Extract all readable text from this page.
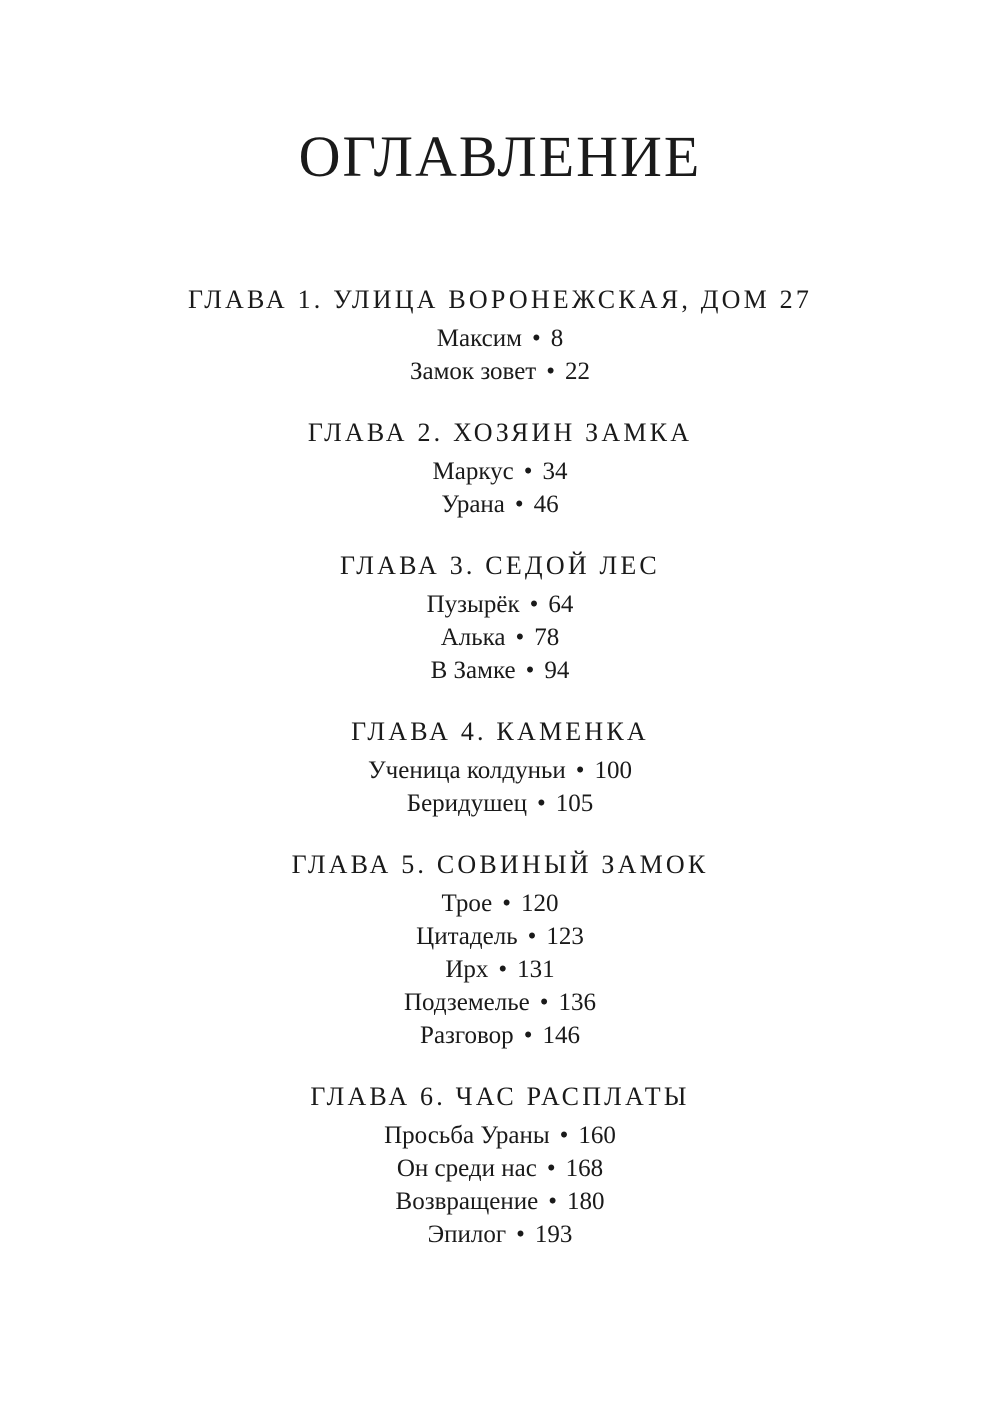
ОГЛАВЛЕНИЕ
ГЛАВА 1. УЛИЦА ВОРОНЕЖСКАЯ, ДОМ 27
Максим • 8
Замок зовет • 22
ГЛАВА 2. ХОЗЯИН ЗАМКА
Маркус • 34
Урана • 46
ГЛАВА 3. СЕДОЙ ЛЕС
Пузырёк • 64
Алька • 78
В Замке • 94
ГЛАВА 4. КАМЕНКА
Ученица колдуньи • 100
Беридушец • 105
ГЛАВА 5. СОВИНЫЙ ЗАМОК
Трое • 120
Цитадель • 123
Ирх • 131
Подземелье • 136
Разговор • 146
ГЛАВА 6. ЧАС РАСПЛАТЫ
Просьба Ураны • 160
Он среди нас • 168
Возвращение • 180
Эпилог • 193
